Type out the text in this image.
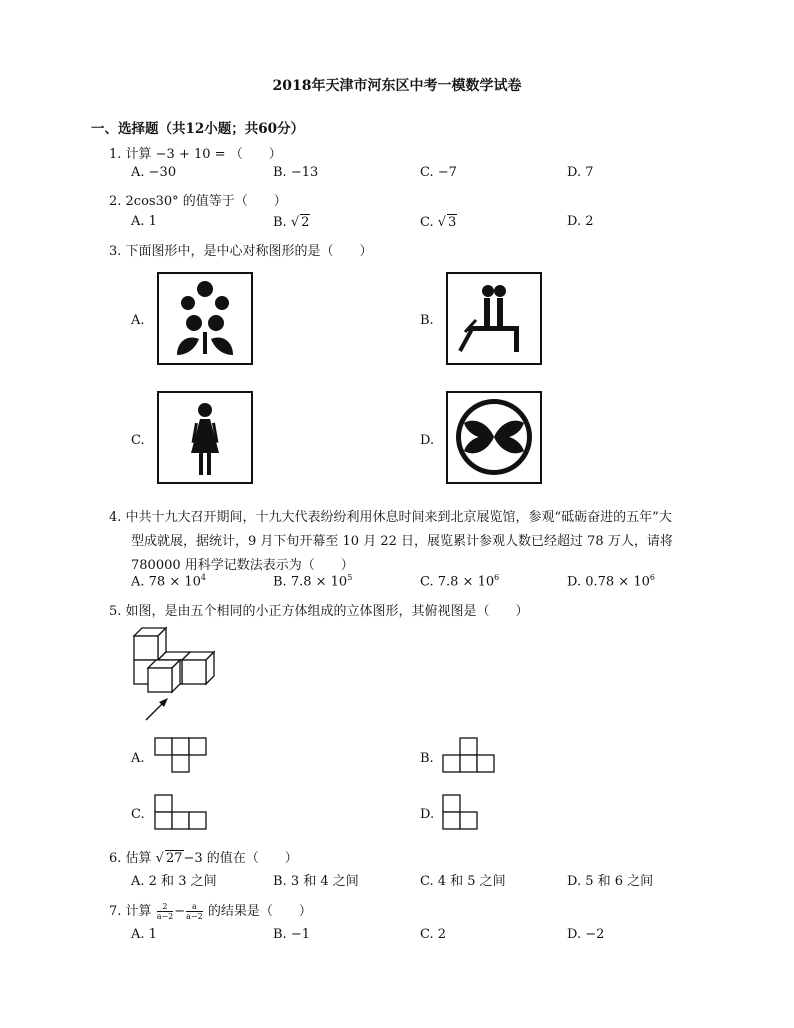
2018年天津市河东区中考一模数学试卷
一、选择题（共12小题；共60分）
1. 计算 −3 + 10 = （　　）
A. −30	B. −13	C. −7	D. 7
2. 2cos30° 的值等于（　　）
A. 1	B. √ 2	C. √ 3	D. 2
3. 下面图形中，是中心对称图形的是（　　）
A.	B.
C.	D.
4. 中共十九大召开期间，十九大代表纷纷利用休息时间来到北京展览馆，参观“砥砺奋进的五年”大
型成就展，据统计，9 月下旬开幕至 10 月 22 日，展览累计参观人数已经超过 78 万人，请将
780000 用科学记数法表示为（　　）
A. $78 \times 10^4$	B. $7.8 \times 10^5$	C. $7.8 \times 10^6$	D. $0.78 \times 10^6$
5. 如图，是由五个相同的小正方体组成的立体图形，其俯视图是（　　）
A.	B.
C.	D.
6. 估算 √ 27−3 的值在（　　）
A. 2 和 3 之间	B. 3 和 4 之间	C. 4 和 5 之间	D. 5 和 6 之间
7. 计算 $\frac{2}{a-2} - \frac{a}{a-2}$ 的结果是（　　）
A. 1	B. −1	C. 2	D. −2
